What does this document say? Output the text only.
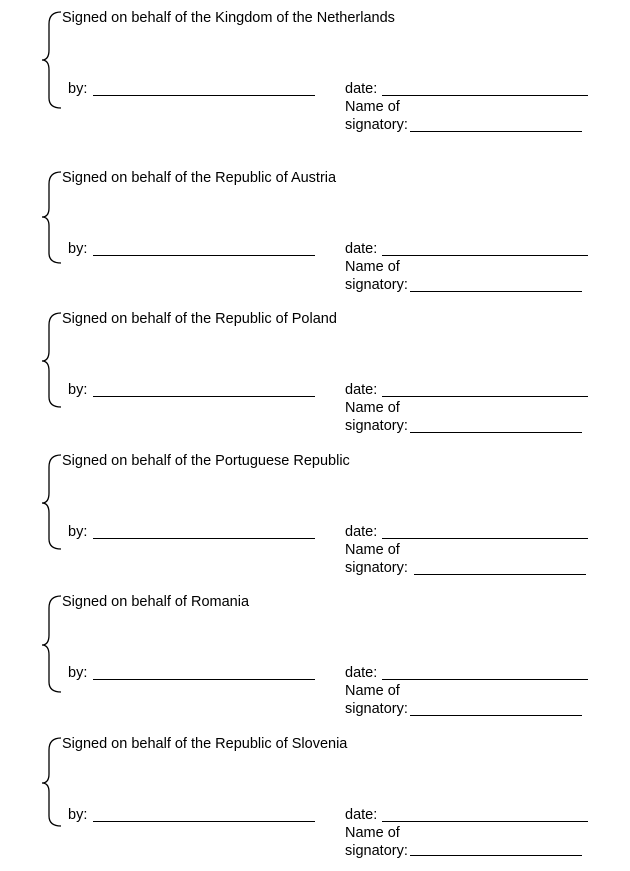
Signed on behalf of the Kingdom of the Netherlands
by:	date:
Name of
signatory:
Signed on behalf of the Republic of Austria
by:	date:
Name of
signatory:
Signed on behalf of the Republic of Poland
by:	date:
Name of
signatory:
Signed on behalf of the Portuguese Republic
by:	date:
Name of
signatory:
Signed on behalf of Romania
by:	date:
Name of
signatory:
Signed on behalf of the Republic of Slovenia
by:	date:
Name of
signatory:
